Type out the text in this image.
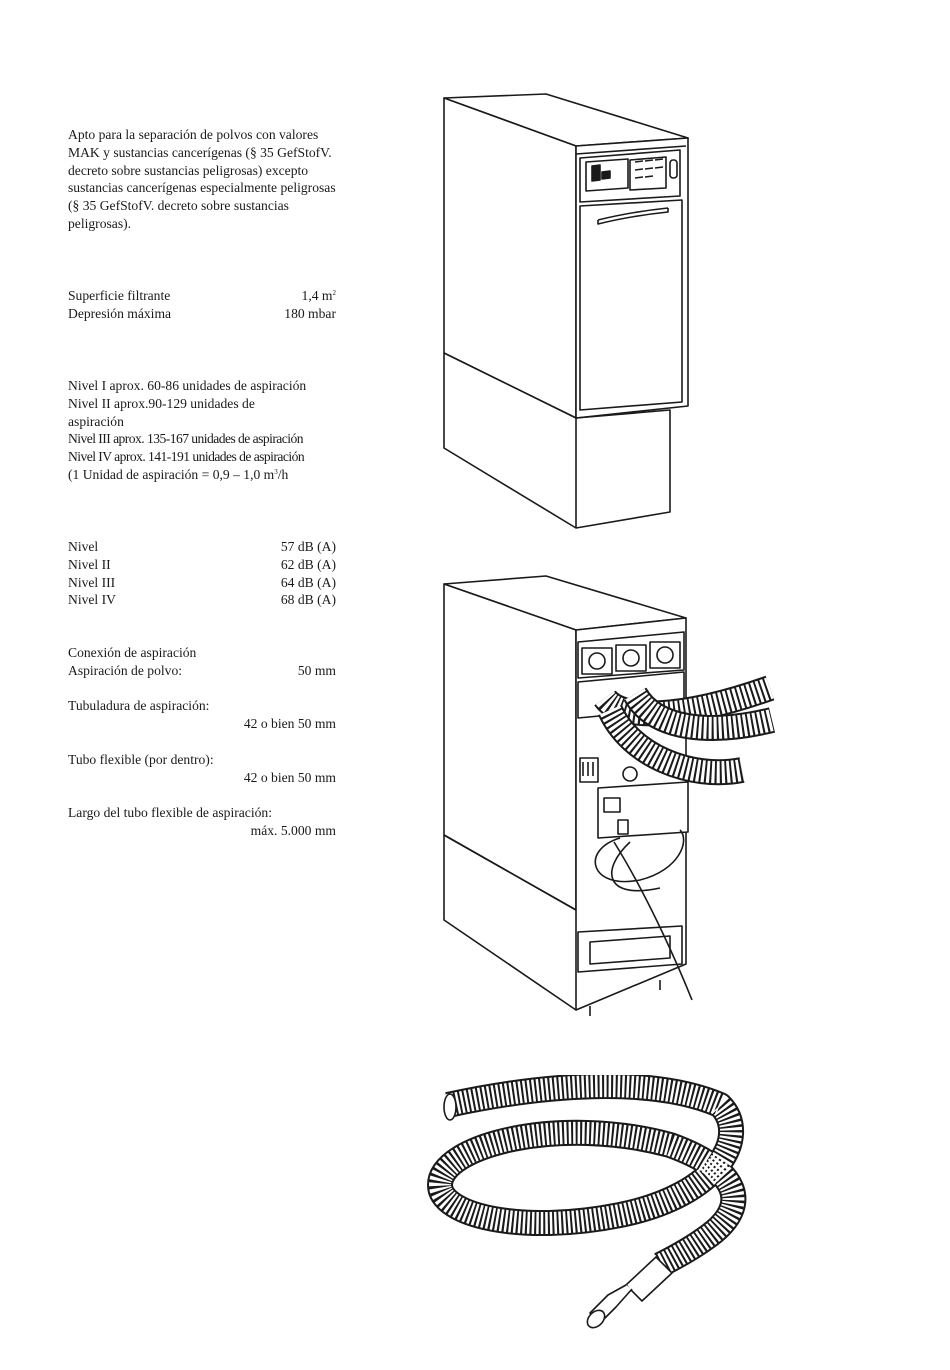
Apto para la separación de polvos con valores MAK y sustancias cancerígenas (§ 35 GefStofV. decreto sobre sustancias peligrosas) excepto sustancias cancerígenas especialmente peligrosas (§ 35 GefStofV. decreto sobre sustancias peligrosas).

Superficie filtrante	1,4 $m^2$
Depresión máxima	180 mbar
Nivel I aprox. 60-86 unidades de aspiración
Nivel II aprox.90-129 unidades de
aspiración
Nivel III aprox. 135-167 unidades de aspiración
Nivel IV aprox. 141-191 unidades de aspiración
(1 Unidad de aspiración = 0,9 – 1,0 $m^3/h$
Nivel	57 dB (A)
Nivel II	62 dB (A)
Nivel III	64 dB (A)
Nivel IV	68 dB (A)
Conexión de aspiración
Aspiración de polvo:	50 mm
Tubuladura de aspiración:
42 o bien 50 mm
Tubo flexible (por dentro):
42 o bien 50 mm
Largo del tubo flexible de aspiración:
máx. 5.000 mm
